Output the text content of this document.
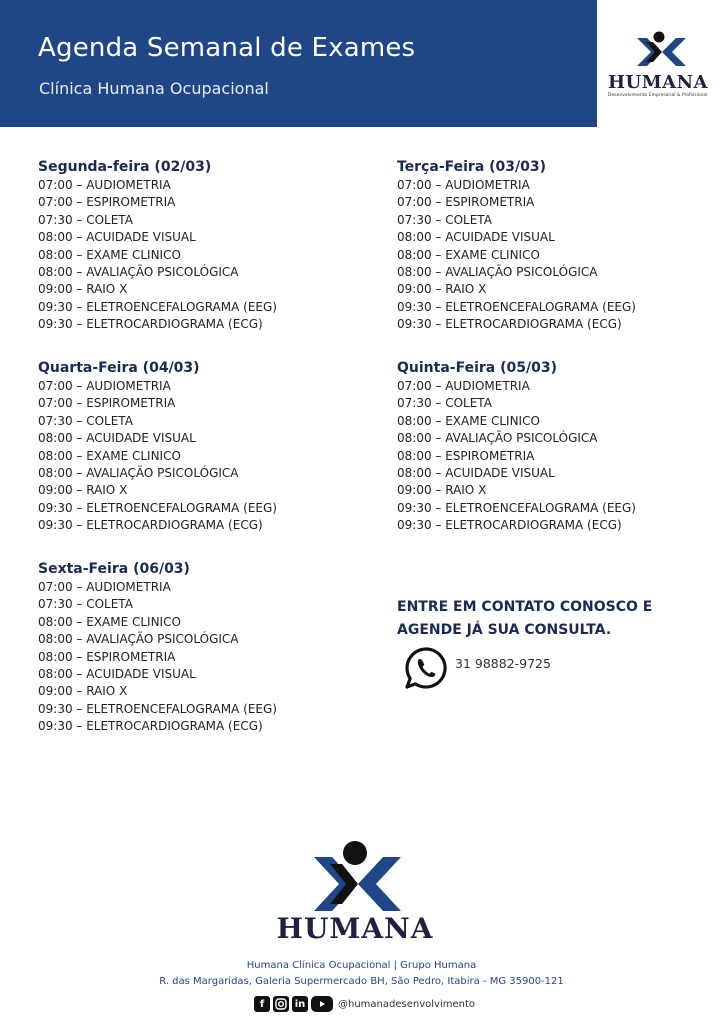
Agenda Semanal de Exames
Clínica Humana Ocupacional	HUMANA
Desenvolvimento Empresarial & Profissional
Segunda-feira (02/03)
07:00 – AUDIOMETRIA
07:00 – ESPIROMETRIA
07:30 – COLETA
08:00 – ACUIDADE VISUAL
08:00 – EXAME CLINICO
08:00 – AVALIAÇÃO PSICOLÓGICA
09:00 – RAIO X
09:30 – ELETROENCEFALOGRAMA (EEG)
09:30 – ELETROCARDIOGRAMA (ECG)
Terça-Feira (03/03)
07:00 – AUDIOMETRIA
07:00 – ESPIROMETRIA
07:30 – COLETA
08:00 – ACUIDADE VISUAL
08:00 – EXAME CLINICO
08:00 – AVALIAÇÃO PSICOLÓGICA
09:00 – RAIO X
09:30 – ELETROENCEFALOGRAMA (EEG)
09:30 – ELETROCARDIOGRAMA (ECG)
Quarta-Feira (04/03)
07:00 – AUDIOMETRIA
07:00 – ESPIROMETRIA
07:30 – COLETA
08:00 – ACUIDADE VISUAL
08:00 – EXAME CLINICO
08:00 – AVALIAÇÃO PSICOLÓGICA
09:00 – RAIO X
09:30 – ELETROENCEFALOGRAMA (EEG)
09:30 – ELETROCARDIOGRAMA (ECG)
Quinta-Feira (05/03)
07:00 – AUDIOMETRIA
07:30 – COLETA
08:00 – EXAME CLINICO
08:00 – AVALIAÇÃO PSICOLÓGICA
08:00 – ESPIROMETRIA
08:00 – ACUIDADE VISUAL
09:00 – RAIO X
09:30 – ELETROENCEFALOGRAMA (EEG)
09:30 – ELETROCARDIOGRAMA (ECG)
Sexta-Feira (06/03)
07:00 – AUDIOMETRIA
07:30 – COLETA
08:00 – EXAME CLINICO
08:00 – AVALIAÇÃO PSICOLÓGICA
08:00 – ESPIROMETRIA
08:00 – ACUIDADE VISUAL
09:00 – RAIO X
09:30 – ELETROENCEFALOGRAMA (EEG)
09:30 – ELETROCARDIOGRAMA (ECG)
ENTRE EM CONTATO CONOSCO E
AGENDE JÁ SUA CONSULTA.
31 98882-9725
HUMANA
Humana Clínica Ocupacional | Grupo Humana
R. das Margaridas, Galeria Supermercado BH, São Pedro, Itabira - MG 35900-121
f	in	@humanadesenvolvimento
